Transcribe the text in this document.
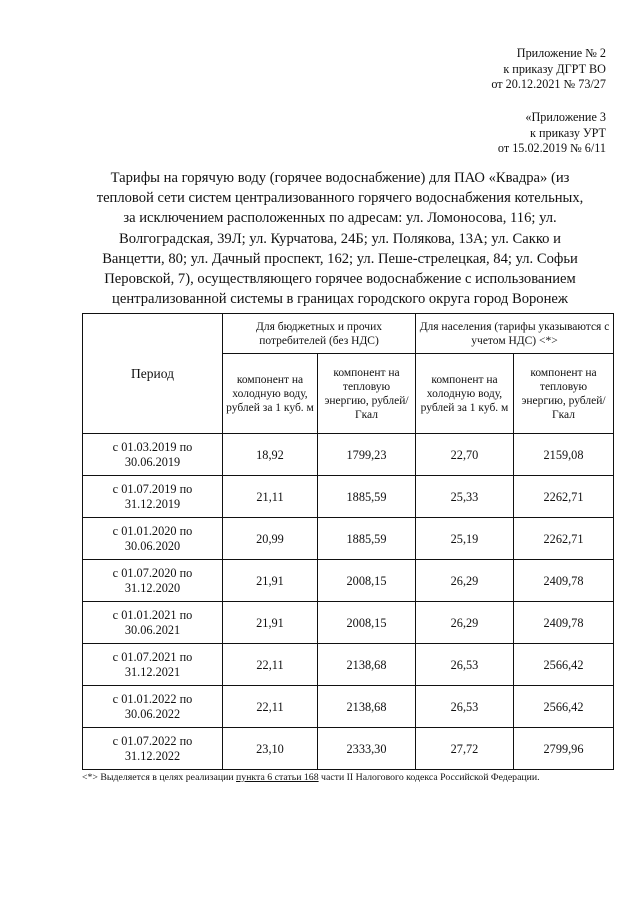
Приложение № 2
к приказу ДГРТ ВО
от 20.12.2021 № 73/27
«Приложение 3
к приказу УРТ
от 15.02.2019 № 6/11
Тарифы на горячую воду (горячее водоснабжение) для ПАО «Квадра» (из
тепловой сети систем централизованного горячего водоснабжения котельных,
за исключением расположенных по адресам: ул. Ломоносова, 116; ул.
Волгоградская, 39Л; ул. Курчатова, 24Б; ул. Полякова, 13А; ул. Сакко и
Ванцетти, 80; ул. Дачный проспект, 162; ул. Пеше-стрелецкая, 84; ул. Софьи
Перовской, 7), осуществляющего горячее водоснабжение с использованием
централизованной системы в границах городского округа город Воронеж
Период	Для бюджетных и прочих потребителей (без НДС)		Для населения (тарифы указываются с учетом НДС) <*>	
	компонент на холодную воду, рублей за 1 куб. м	компонент на тепловую энергию, рублей/Гкал	компонент на холодную воду, рублей за 1 куб. м	компонент на тепловую энергию, рублей/Гкал
с 01.03.2019 по 30.06.2019	18,92	1799,23	22,70	2159,08
с 01.07.2019 по 31.12.2019	21,11	1885,59	25,33	2262,71
с 01.01.2020 по 30.06.2020	20,99	1885,59	25,19	2262,71
с 01.07.2020 по 31.12.2020	21,91	2008,15	26,29	2409,78
с 01.01.2021 по 30.06.2021	21,91	2008,15	26,29	2409,78
с 01.07.2021 по 31.12.2021	22,11	2138,68	26,53	2566,42
с 01.01.2022 по 30.06.2022	22,11	2138,68	26,53	2566,42
с 01.07.2022 по 31.12.2022	23,10	2333,30	27,72	2799,96
<*> Выделяется в целях реализации пункта 6 статьи 168 части II Налогового кодекса Российской Федерации.
